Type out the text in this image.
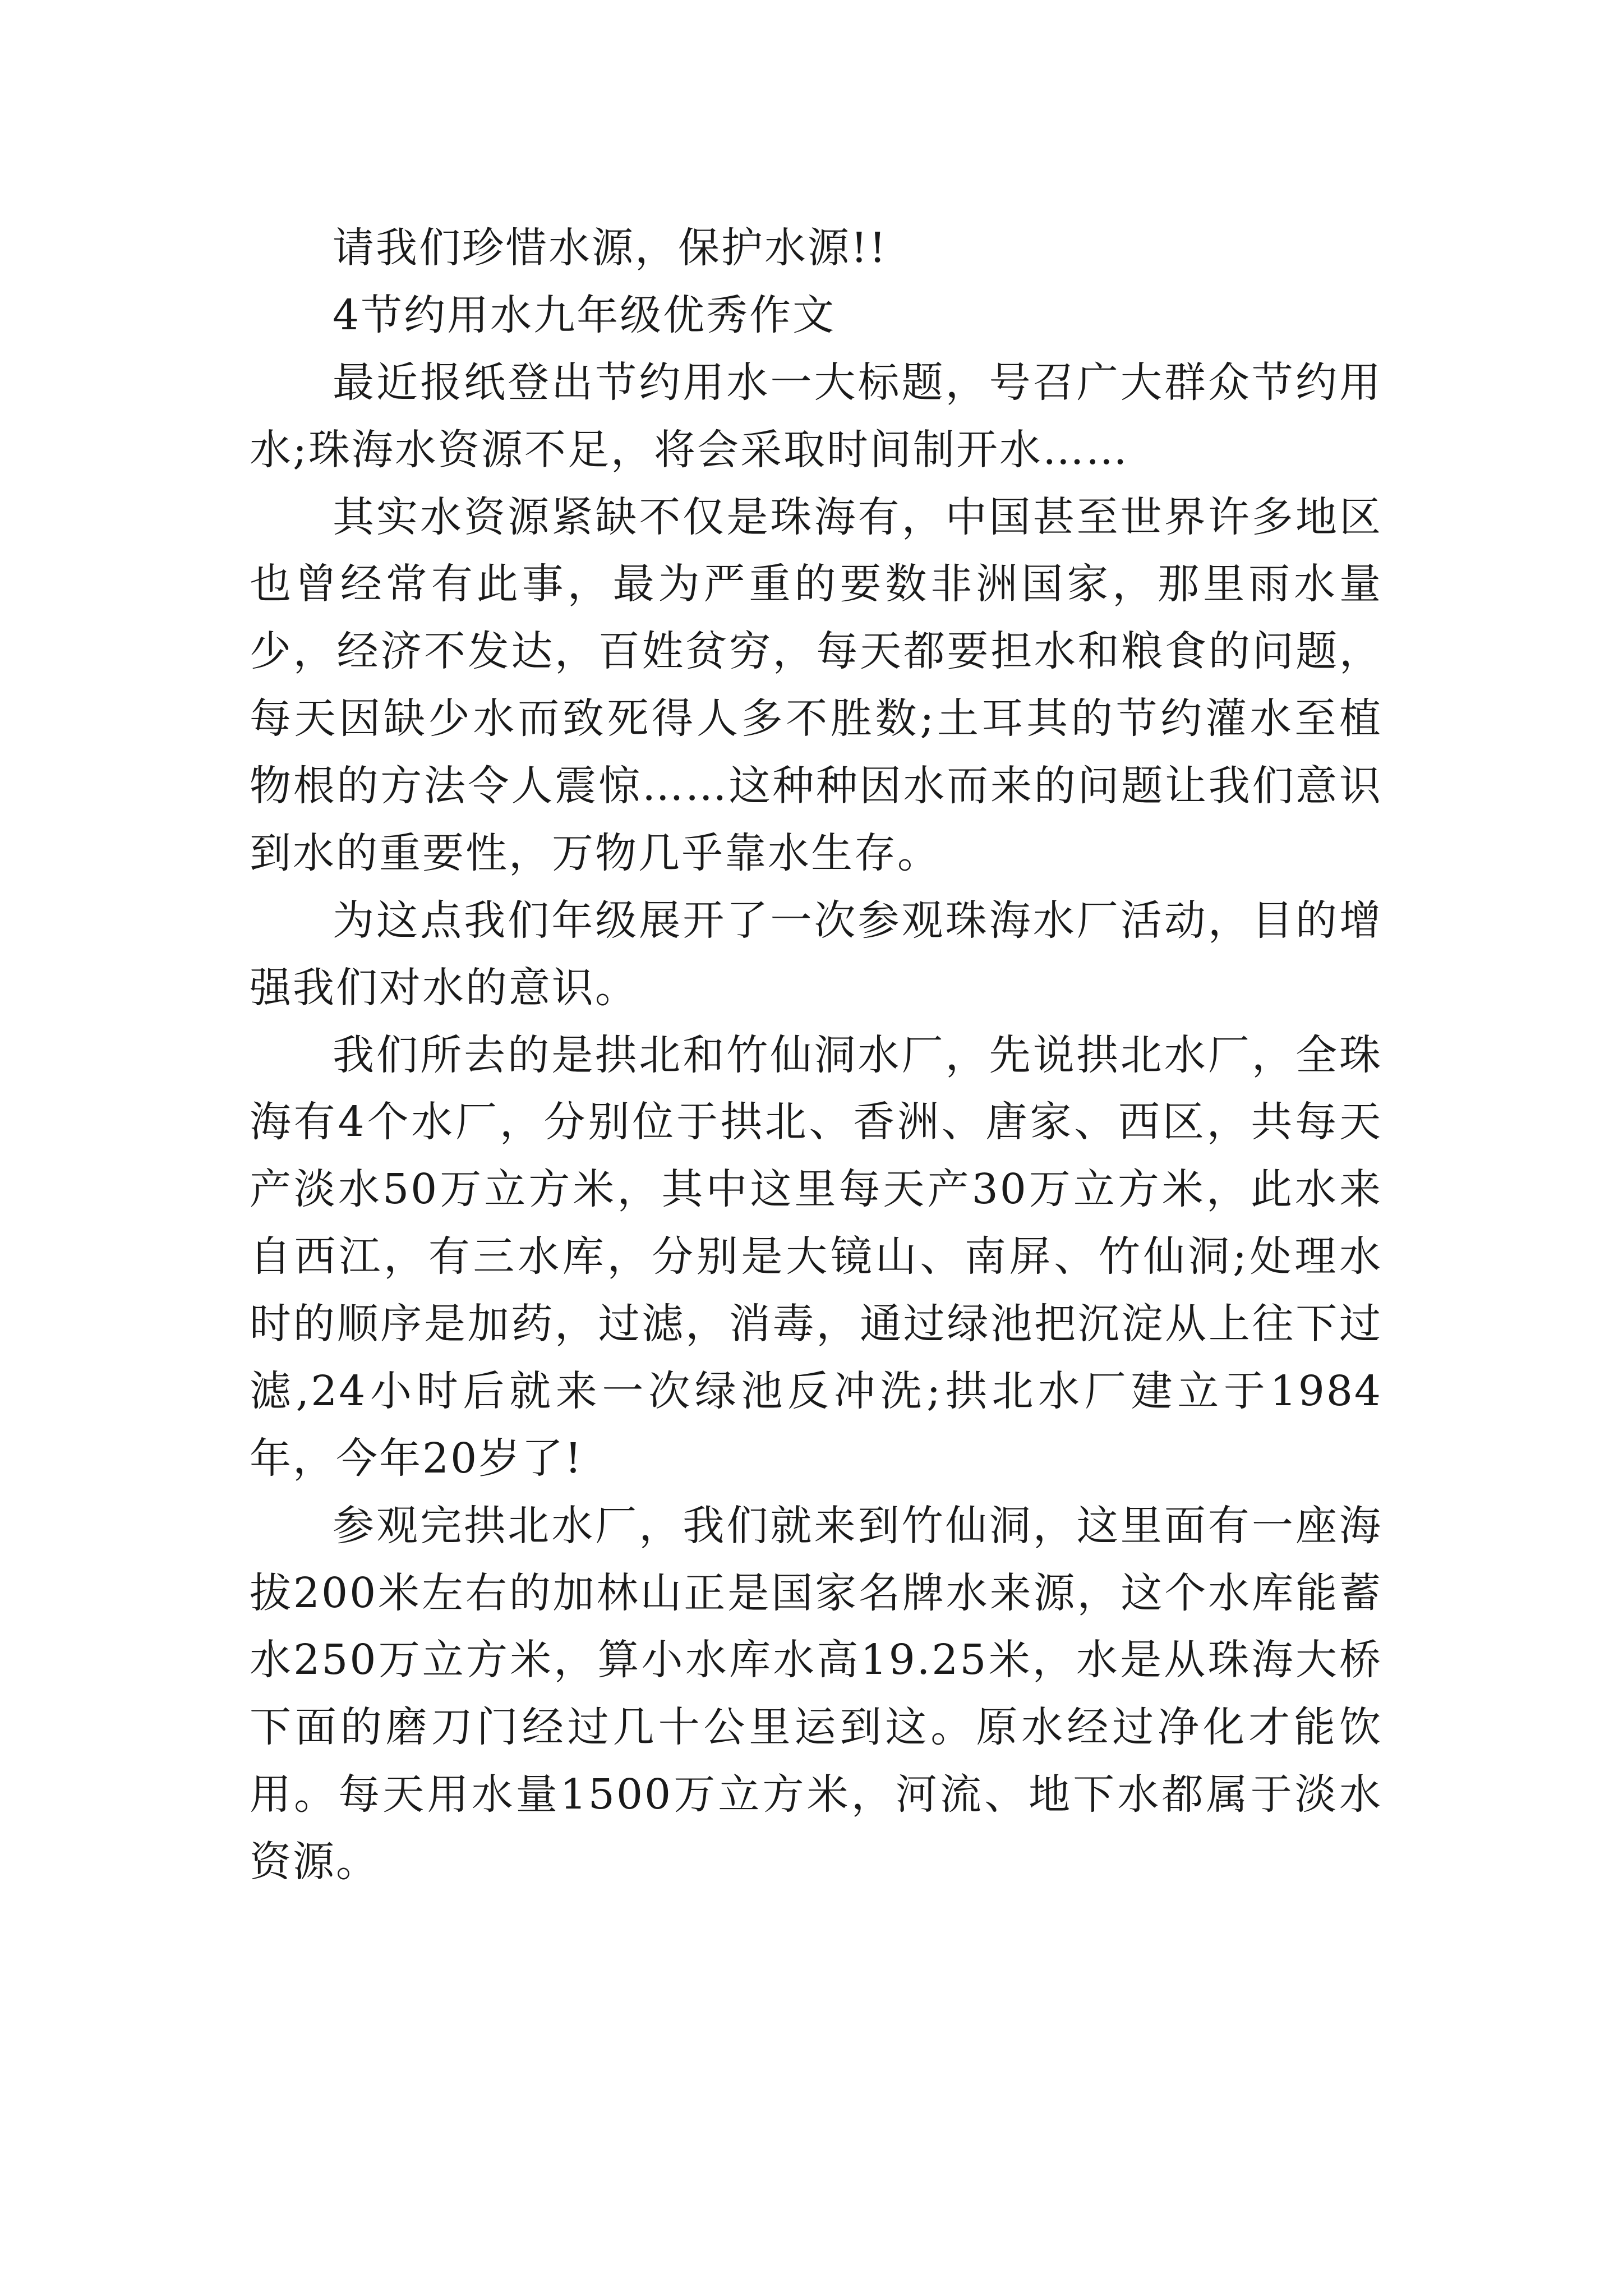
请我们珍惜水源，保护水源!!

4节约用水九年级优秀作文

最近报纸登出节约用水一大标题，号召广大群众节约用水;珠海水资源不足，将会采取时间制开水……

其实水资源紧缺不仅是珠海有，中国甚至世界许多地区也曾经常有此事，最为严重的要数非洲国家，那里雨水量少，经济不发达，百姓贫穷，每天都要担水和粮食的问题，每天因缺少水而致死得人多不胜数;土耳其的节约灌水至植物根的方法令人震惊……这种种因水而来的问题让我们意识到水的重要性，万物几乎靠水生存。

为这点我们年级展开了一次参观珠海水厂活动，目的增强我们对水的意识。

我们所去的是拱北和竹仙洞水厂，先说拱北水厂，全珠海有4个水厂，分别位于拱北、香洲、唐家、西区，共每天产淡水50万立方米，其中这里每天产30万立方米，此水来自西江，有三水库，分别是大镜山、南屏、竹仙洞;处理水时的顺序是加药，过滤，消毒，通过绿池把沉淀从上往下过滤,24小时后就来一次绿池反冲洗;拱北水厂建立于1984年，今年20岁了!

参观完拱北水厂，我们就来到竹仙洞，这里面有一座海拔200米左右的加林山正是国家名牌水来源，这个水库能蓄水250万立方米，算小水库水高19.25米，水是从珠海大桥下面的磨刀门经过几十公里运到这。原水经过净化才能饮用。每天用水量1500万立方米，河流、地下水都属于淡水资源。
